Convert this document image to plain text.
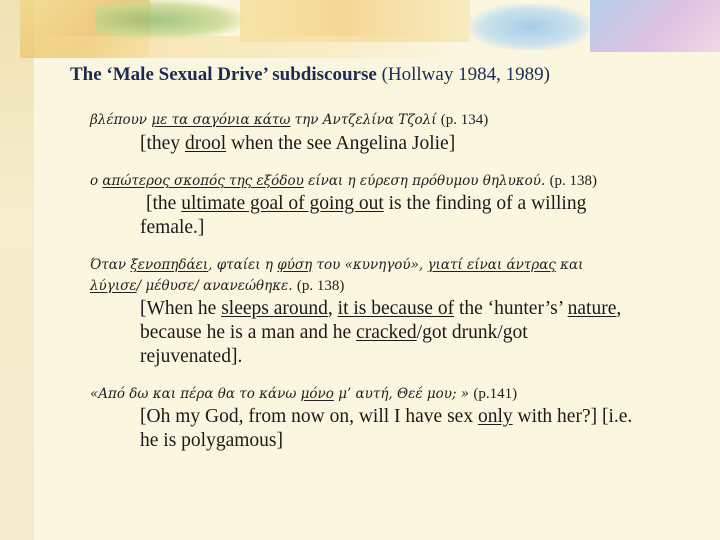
The ‘Male Sexual Drive’ subdiscourse (Hollway 1984, 1989)
βλέπουν με τα σαγόνια κάτω την Αντζελίνα Τζολί (p. 134)
[they drool when the see Angelina Jolie]
ο απώτερος σκοπός της εξόδου είναι η εύρεση πρόθυμου θηλυκού. (p. 138)
[the ultimate goal of going out is the finding of a willing
female.]
Όταν ξενοπηδάει, φταίει η φύση του «κυνηγού», γιατί είναι άντρας και
λύγισε/ μέθυσε/ ανανεώθηκε. (p. 138)
[When he sleeps around, it is because of the ‘hunter’s’ nature,
because he is a man and he cracked/got drunk/got
rejuvenated].
«Από δω και πέρα θα το κάνω μόνο μ’ αυτή, Θεέ μου; » (p.141)
[Oh my God, from now on, will I have sex only with her?] [i.e.
he is polygamous]
